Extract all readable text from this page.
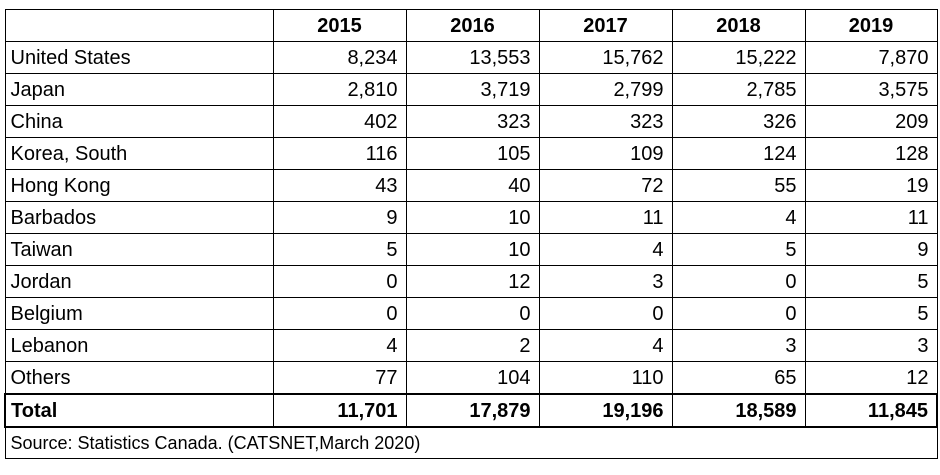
	2015	2016	2017	2018	2019
United States	8,234	13,553	15,762	15,222	7,870
Japan	2,810	3,719	2,799	2,785	3,575
China	402	323	323	326	209
Korea, South	116	105	109	124	128
Hong Kong	43	40	72	55	19
Barbados	9	10	11	4	11
Taiwan	5	10	4	5	9
Jordan	0	12	3	0	5
Belgium	0	0	0	0	5
Lebanon	4	2	4	3	3
Others	77	104	110	65	12
Total	11,701	17,879	19,196	18,589	11,845
Source: Statistics Canada. (CATSNET,March 2020)					
